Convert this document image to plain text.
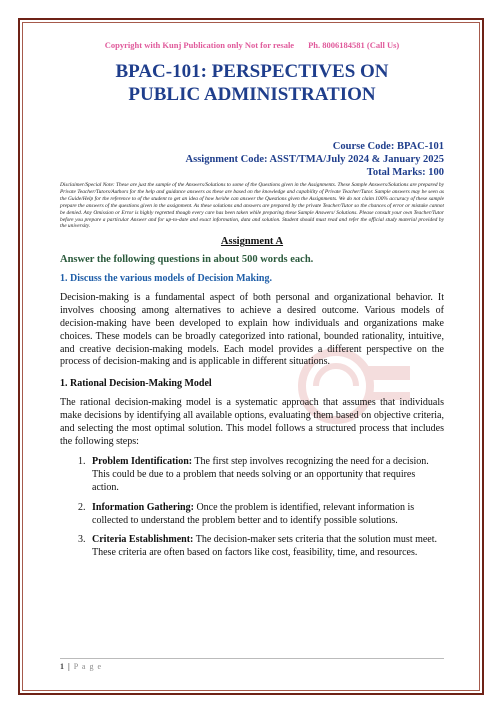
Copyright with Kunj Publication only Not for resale Ph. 8006184581 (Call Us)
BPAC-101: PERSPECTIVES ON
PUBLIC ADMINISTRATION
Course Code: BPAC-101
Assignment Code: ASST/TMA/July 2024 & January 2025
Total Marks: 100
Disclaimer/Special Note: These are just the sample of the Answers/Solutions to some of the Questions given in the Assignments. These Sample Answers/Solutions are prepared by Private Teacher/Tutors/Authors for the help and guidance answers as these are based on the knowledge and capability of Private Teacher/Tutor. Sample answers may be seen as the Guide/Help for the reference to of the student to get an idea of how he/she can answer the Questions given the Assignments. We do not claim 100% accuracy of these sample prepare the answers of the questions given in the assignment. As these solutions and answers are prepared by the private Teacher/Tutor so the chances of error or mistake cannot be denied. Any Omission or Error is highly regretted though every care has been taken while preparing these Sample Answers/ Solutions. Please consult your own Teacher/Tutor before you prepare a particular Answer and for up-to-date and exact information, data and solution. Student should must read and refer the official study material provided by the university.
Assignment A
Answer the following questions in about 500 words each.
1. Discuss the various models of Decision Making.
Decision-making is a fundamental aspect of both personal and organizational behavior. It involves choosing among alternatives to achieve a desired outcome. Various models of decision-making have been developed to explain how individuals and organizations make choices. These models can be broadly categorized into rational, bounded rationality, intuitive, and creative decision-making models. Each model provides a different perspective on the process of decision-making and is applicable in different situations.
1. Rational Decision-Making Model
The rational decision-making model is a systematic approach that assumes that individuals make decisions by identifying all available options, evaluating them based on objective criteria, and selecting the most optimal solution. This model follows a structured process that includes the following steps:
1. Problem Identification: The first step involves recognizing the need for a decision. This could be due to a problem that needs solving or an opportunity that requires action.
2. Information Gathering: Once the problem is identified, relevant information is collected to understand the problem better and to identify possible solutions.
3. Criteria Establishment: The decision-maker sets criteria that the solution must meet. These criteria are often based on factors like cost, feasibility, time, and resources.
1 | P a g e
